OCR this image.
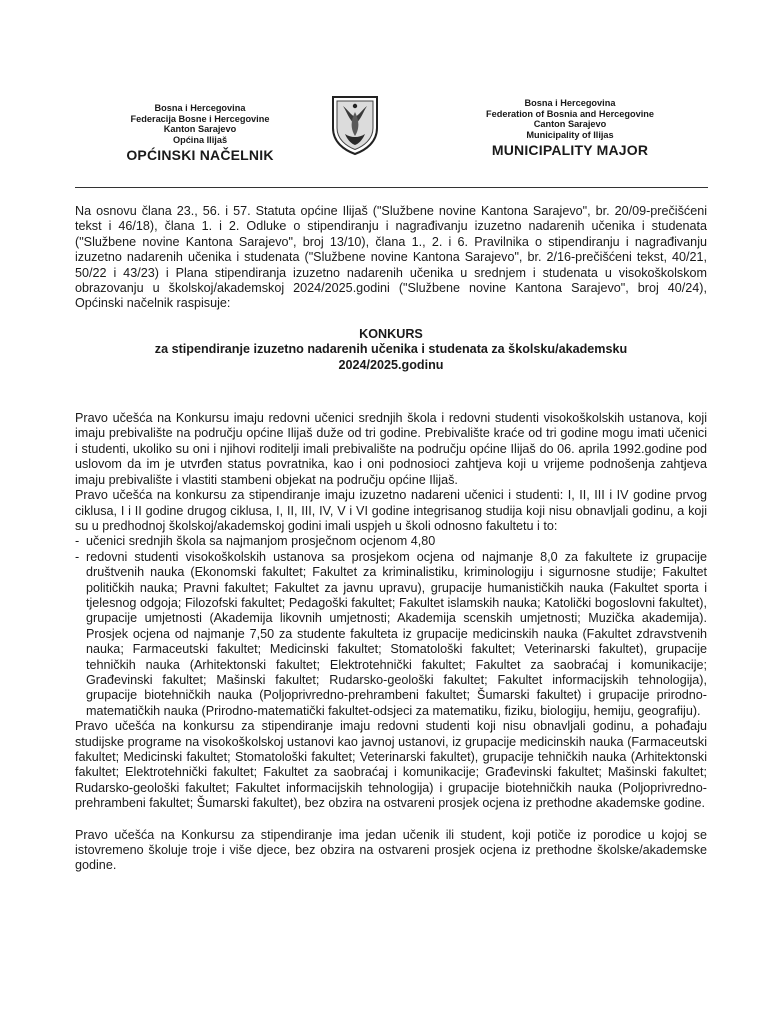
Bosna i Hercegovina
Federacija Bosne i Hercegovine
Kanton Sarajevo
Općina Ilijaš
OPĆINSKI NAČELNIK
Bosna i Hercegovina
Federation of Bosnia and Hercegovine
Canton Sarajevo
Municipality of Ilijas
MUNICIPALITY MAJOR

Na osnovu člana 23., 56. i 57. Statuta općine Ilijaš ("Službene novine Kantona Sarajevo", br. 20/09-prečišćeni tekst i 46/18), člana 1. i 2. Odluke o stipendiranju i nagrađivanju izuzetno nadarenih učenika i studenata ("Službene novine Kantona Sarajevo", broj 13/10), člana 1., 2. i 6. Pravilnika o stipendiranju i nagrađivanju izuzetno nadarenih učenika i studenata ("Službene novine Kantona Sarajevo", br. 2/16-prečišćeni tekst, 40/21, 50/22 i 43/23) i Plana stipendiranja izuzetno nadarenih učenika u srednjem i studenata u visokoškolskom obrazovanju u školskoj/akademskoj 2024/2025.godini ("Službene novine Kantona Sarajevo", broj 40/24), Općinski načelnik raspisuje:

KONKURS
za stipendiranje izuzetno nadarenih učenika i studenata za školsku/akademsku
2024/2025.godinu

Pravo učešća na Konkursu imaju redovni učenici srednjih škola i redovni studenti visokoškolskih ustanova, koji imaju prebivalište na području općine Ilijaš duže od tri godine. Prebivalište kraće od tri godine mogu imati učenici i studenti, ukoliko su oni i njihovi roditelji imali prebivalište na području općine Ilijaš do 06. aprila 1992.godine pod uslovom da im je utvrđen status povratnika, kao i oni podnosioci zahtjeva koji u vrijeme podnošenja zahtjeva imaju prebivalište i vlastiti stambeni objekat na području općine Ilijaš.

Pravo učešća na konkursu za stipendiranje imaju izuzetno nadareni učenici i studenti: I, II, III i IV godine prvog ciklusa, I i II godine drugog ciklusa, I, II, III, IV, V i VI godine integrisanog studija koji nisu obnavljali godinu, a koji su u predhodnoj školskoj/akademskoj godini imali uspjeh u školi odnosno fakultetu i to:

- učenici srednjih škola sa najmanjom prosječnom ocjenom 4,80

- redovni studenti visokoškolskih ustanova sa prosjekom ocjena od najmanje 8,0 za fakultete iz grupacije društvenih nauka (Ekonomski fakultet; Fakultet za kriminalistiku, kriminologiju i sigurnosne studije; Fakultet političkih nauka; Pravni fakultet; Fakultet za javnu upravu), grupacije humanističkih nauka (Fakultet sporta i tjelesnog odgoja; Filozofski fakultet; Pedagoški fakultet; Fakultet islamskih nauka; Katolički bogoslovni fakultet), grupacije umjetnosti (Akademija likovnih umjetnosti; Akademija scenskih umjetnosti; Muzička akademija). Prosjek ocjena od najmanje 7,50 za studente fakulteta iz grupacije medicinskih nauka (Fakultet zdravstvenih nauka; Farmaceutski fakultet; Medicinski fakultet; Stomatološki fakultet; Veterinarski fakultet), grupacije tehničkih nauka (Arhitektonski fakultet; Elektrotehnički fakultet; Fakultet za saobraćaj i komunikacije; Građevinski fakultet; Mašinski fakultet; Rudarsko-geološki fakultet; Fakultet informacijskih tehnologija), grupacije biotehničkih nauka (Poljoprivredno-prehrambeni fakultet; Šumarski fakultet) i grupacije prirodno-matematičkih nauka (Prirodno-matematički fakultet-odsjeci za matematiku, fiziku, biologiju, hemiju, geografiju).

Pravo učešća na konkursu za stipendiranje imaju redovni studenti koji nisu obnavljali godinu, a pohađaju studijske programe na visokoškolskoj ustanovi kao javnoj ustanovi, iz grupacije medicinskih nauka (Farmaceutski fakultet; Medicinski fakultet; Stomatološki fakultet; Veterinarski fakultet), grupacije tehničkih nauka (Arhitektonski fakultet; Elektrotehnički fakultet; Fakultet za saobraćaj i komunikacije; Građevinski fakultet; Mašinski fakultet; Rudarsko-geološki fakultet; Fakultet informacijskih tehnologija) i grupacije biotehničkih nauka (Poljoprivredno-prehrambeni fakultet; Šumarski fakultet), bez obzira na ostvareni prosjek ocjena iz prethodne akademske godine.

Pravo učešća na Konkursu za stipendiranje ima jedan učenik ili student, koji potiče iz porodice u kojoj se istovremeno školuje troje i više djece, bez obzira na ostvareni prosjek ocjena iz prethodne školske/akademske godine.
